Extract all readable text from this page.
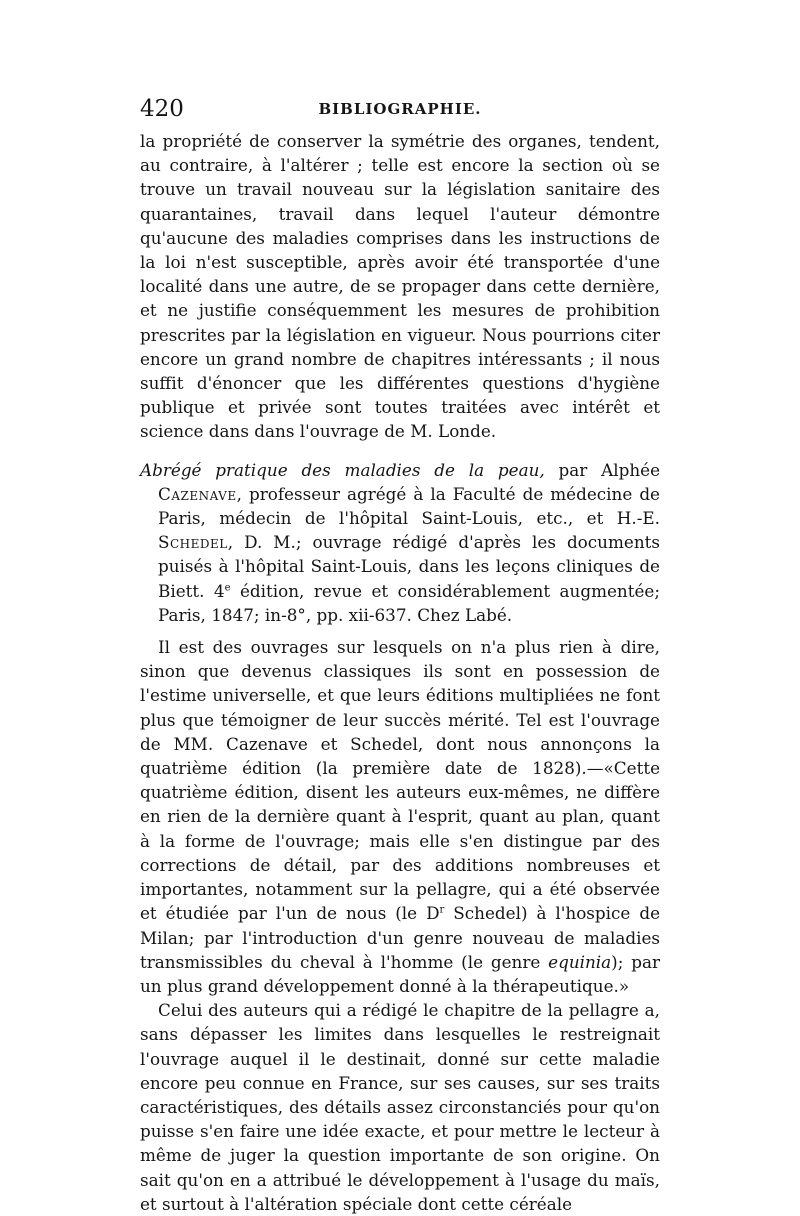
420	BIBLIOGRAPHIE.

la propriété de conserver la symétrie des organes, tendent, au contraire, à l'altérer ; telle est encore la section où se trouve un travail nouveau sur la législation sanitaire des quarantaines, travail dans lequel l'auteur démontre qu'aucune des maladies comprises dans les instructions de la loi n'est susceptible, après avoir été transportée d'une localité dans une autre, de se propager dans cette dernière, et ne justifie conséquemment les mesures de prohibition prescrites par la législation en vigueur. Nous pourrions citer encore un grand nombre de chapitres intéressants ; il nous suffit d'énoncer que les différentes questions d'hygiène publique et privée sont toutes traitées avec intérêt et science dans dans l'ouvrage de M. Londe.

Abrégé pratique des maladies de la peau, par Alphée Cazenave, professeur agrégé à la Faculté de médecine de Paris, médecin de l'hôpital Saint-Louis, etc., et H.-E. Schedel, D. M.; ouvrage rédigé d'après les documents puisés à l'hôpital Saint-Louis, dans les leçons cliniques de Biett. 4e édition, revue et considérablement augmentée; Paris, 1847; in-8°, pp. xii-637. Chez Labé.

Il est des ouvrages sur lesquels on n'a plus rien à dire, sinon que devenus classiques ils sont en possession de l'estime universelle, et que leurs éditions multipliées ne font plus que témoigner de leur succès mérité. Tel est l'ouvrage de MM. Cazenave et Schedel, dont nous annonçons la quatrième édition (la première date de 1828).—«Cette quatrième édition, disent les auteurs eux-mêmes, ne diffère en rien de la dernière quant à l'esprit, quant au plan, quant à la forme de l'ouvrage; mais elle s'en distingue par des corrections de détail, par des additions nombreuses et importantes, notamment sur la pellagre, qui a été observée et étudiée par l'un de nous (le $D^r$ Schedel) à l'hospice de Milan; par l'introduction d'un genre nouveau de maladies transmissibles du cheval à l'homme (le genre equinia); par un plus grand développement donné à la thérapeutique.»

Celui des auteurs qui a rédigé le chapitre de la pellagre a, sans dépasser les limites dans lesquelles le restreignait l'ouvrage auquel il le destinait, donné sur cette maladie encore peu connue en France, sur ses causes, sur ses traits caractéristiques, des détails assez circonstanciés pour qu'on puisse s'en faire une idée exacte, et pour mettre le lecteur à même de juger la question importante de son origine. On sait qu'on en a attribué le développement à l'usage du maïs, et surtout à l'altération spéciale dont cette céréale
